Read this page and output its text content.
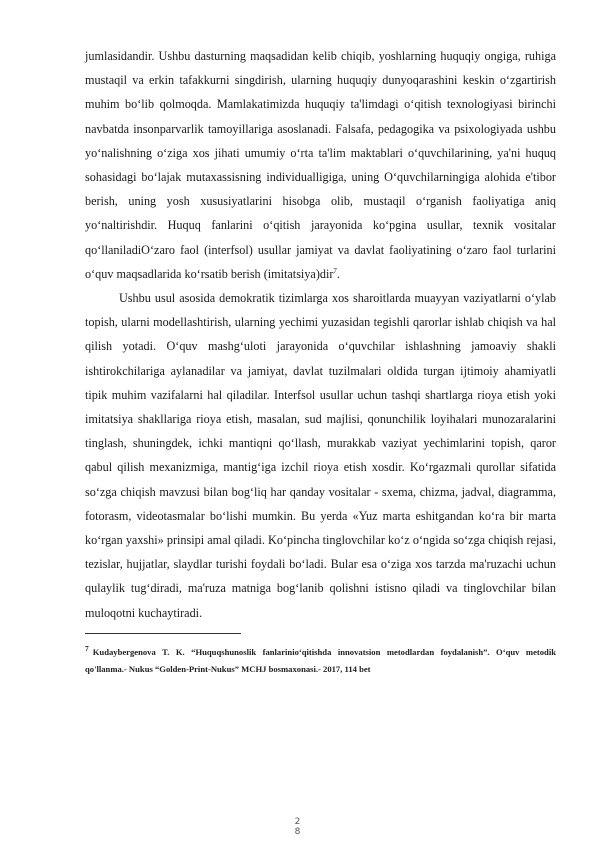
jumlasidandir. Ushbu dasturning maqsadidan kelib chiqib, yoshlarning huquqiy ongiga, ruhiga mustaqil va erkin tafakkurni singdirish, ularning huquqiy dunyoqarashini keskin o‘zgartirish muhim bo‘lib qolmoqda. Mamlakatimizda huquqiy ta'limdagi o‘qitish texnologiyasi birinchi navbatda insonparvarlik tamoyillariga asoslanadi. Falsafa, pedagogika va psixologiyada ushbu yo‘nalishning o‘ziga xos jihati umumiy o‘rta ta'lim maktablari o‘quvchilarining, ya'ni huquq sohasidagi bo‘lajak mutaxassisning individualligiga, uning O‘quvchilarningiga alohida e'tibor berish, uning yosh xususiyatlarini hisobga olib, mustaqil o‘rganish faoliyatiga aniq yo‘naltirishdir. Huquq fanlarini o‘qitish jarayonida ko‘pgina usullar, texnik vositalar qo‘llaniladiO‘zaro faol (interfsol) usullar jamiyat va davlat faoliyatining o‘zaro faol turlarini o‘quv maqsadlarida ko‘rsatib berish (imitatsiya)dir$^7$.

Ushbu usul asosida demokratik tizimlarga xos sharoitlarda muayyan vaziyatlarni o‘ylab topish, ularni modellashtirish, ularning yechimi yuzasidan tegishli qarorlar ishlab chiqish va hal qilish yotadi. O‘quv mashg‘uloti jarayonida o‘quvchilar ishlashning jamoaviy shakli ishtirokchilariga aylanadilar va jamiyat, davlat tuzilmalari oldida turgan ijtimoiy ahamiyatli tipik muhim vazifalarni hal qiladilar. Interfsol usullar uchun tashqi shartlarga rioya etish yoki imitatsiya shakllariga rioya etish, masalan, sud majlisi, qonunchilik loyihalari munozaralarini tinglash, shuningdek, ichki mantiqni qo‘llash, murakkab vaziyat yechimlarini topish, qaror qabul qilish mexanizmiga, mantig‘iga izchil rioya etish xosdir. Ko‘rgazmali qurollar sifatida so‘zga chiqish mavzusi bilan bog‘liq har qanday vositalar - sxema, chizma, jadval, diagramma, fotorasm, videotasmalar bo‘lishi mumkin. Bu yerda «Yuz marta eshitgandan ko‘ra bir marta ko‘rgan yaxshi» prinsipi amal qiladi. Ko‘pincha tinglovchilar ko‘z o‘ngida so‘zga chiqish rejasi, tezislar, hujjatlar, slaydlar turishi foydali bo‘ladi. Bular esa o‘ziga xos tarzda ma'ruzachi uchun qulaylik tug‘diradi, ma'ruza matniga bog‘lanib qolishni istisno qiladi va tinglovchilar bilan muloqotni kuchaytiradi.

7 Kudaybergenova T. K. “Huquqshunoslik fanlarinio‘qitishda innovatsion metodlardan foydalanish”. O‘quv metodik qo'llanma.- Nukus “Golden-Print-Nukus” MCHJ bosmaxonasi.- 2017, 114 bet

2
8
